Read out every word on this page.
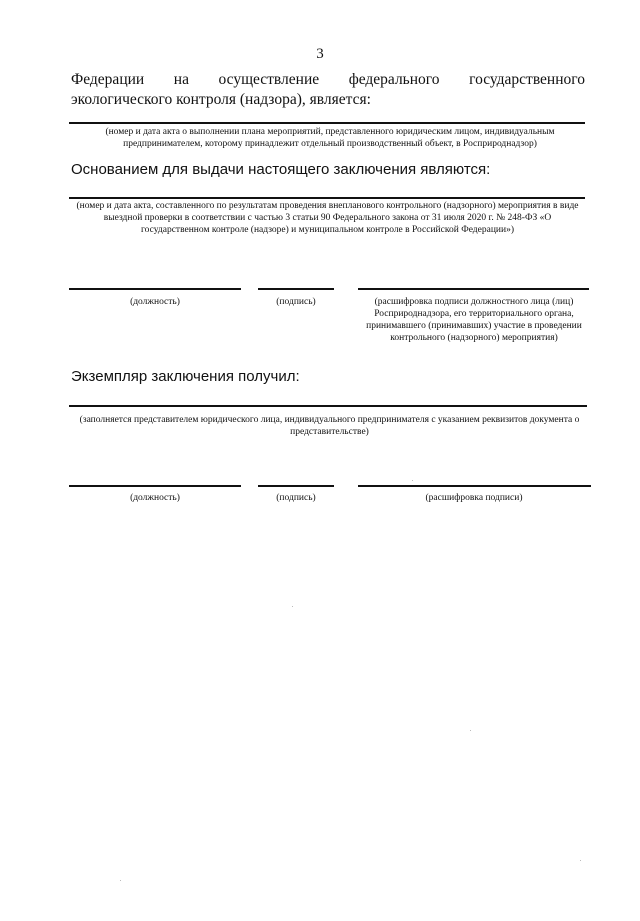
3
Федерации на осуществление федерального государственного экологического контроля (надзора), является:
(номер и дата акта о выполнении плана мероприятий, представленного юридическим лицом, индивидуальным предпринимателем, которому принадлежит отдельный производственный объект, в Росприроднадзор)
Основанием для выдачи настоящего заключения являются:
(номер и дата акта, составленного по результатам проведения внепланового контрольного (надзорного) мероприятия в виде выездной проверки в соответствии с частью 3 статьи 90 Федерального закона от 31 июля 2020 г. № 248-ФЗ «О государственном контроле (надзоре) и муниципальном контроле в Российской Федерации»)
(должность)	(подпись)	(расшифровка подписи должностного лица (лиц) Росприроднадзора, его территориального органа, принимавшего (принимавших) участие в проведении контрольного (надзорного) мероприятия)
Экземпляр заключения получил:
(заполняется представителем юридического лица, индивидуального предпринимателя с указанием реквизитов документа о представительстве)
(должность)	(подпись)	(расшифровка подписи)
